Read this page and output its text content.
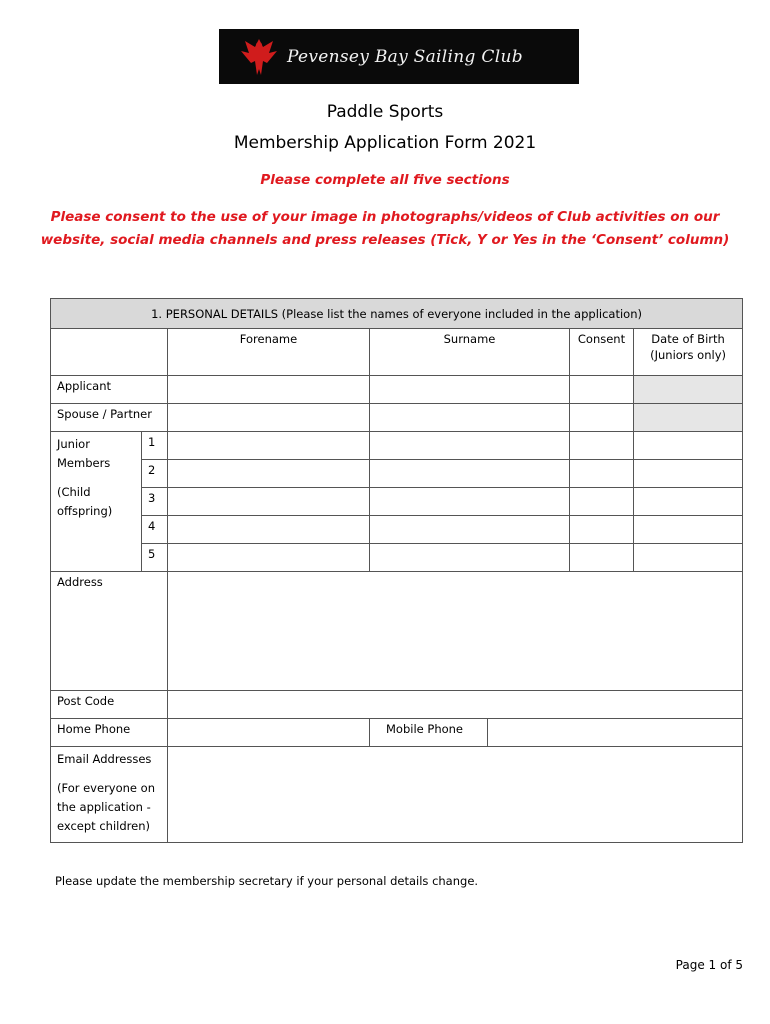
Pevensey Bay Sailing Club
Paddle Sports
Membership Application Form 2021
Please complete all five sections
Please consent to the use of your image in photographs/videos of Club activities on our
website, social media channels and press releases (Tick, Y or Yes in the ‘Consent’ column)
1. PERSONAL DETAILS (Please list the names of everyone included in the application)						
		Forename	Surname		Consent	Date of Birth
(Juniors only)

Applicant						
Spouse / Partner						

Junior
Members
(Child
offspring)	1					
	2					
	3					
	4					
	5					
Address						
Post Code						
Home Phone			Mobile Phone			

Email Addresses
(For everyone on
the application -
except children)						

Please update the membership secretary if your personal details change.
Page 1 of 5
